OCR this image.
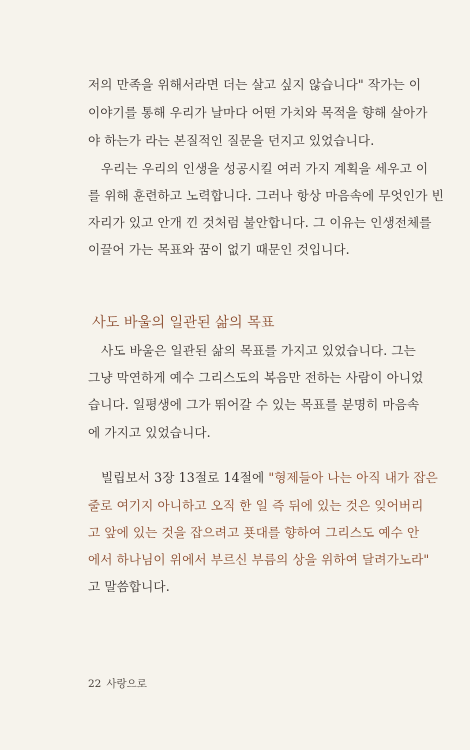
저의 만족을 위해서라면 더는 살고 싶지 않습니다" 작가는 이
이야기를 통해 우리가 날마다 어떤 가치와 목적을 향해 살아가
야 하는가 라는 본질적인 질문을 던지고 있었습니다.
우리는 우리의 인생을 성공시킬 여러 가지 계획을 세우고 이
를 위해 훈련하고 노력합니다. 그러나 항상 마음속에 무엇인가 빈
자리가 있고 안개 낀 것처럼 불안합니다. 그 이유는 인생전체를
이끌어 가는 목표와 꿈이 없기 때문인 것입니다.
사도 바울의 일관된 삶의 목표
사도 바울은 일관된 삶의 목표를 가지고 있었습니다. 그는
그냥 막연하게 예수 그리스도의 복음만 전하는 사람이 아니었
습니다. 일평생에 그가 뛰어갈 수 있는 목표를 분명히 마음속
에 가지고 있었습니다.
빌립보서 3장 13절로 14절에 "형제들아 나는 아직 내가 잡은
줄로 여기지 아니하고 오직 한 일 즉 뒤에 있는 것은 잊어버리
고 앞에 있는 것을 잡으려고 푯대를 향하여 그리스도 예수 안
에서 하나님이 위에서 부르신 부름의 상을 위하여 달려가노라"
고 말씀합니다.
22 사랑으로
